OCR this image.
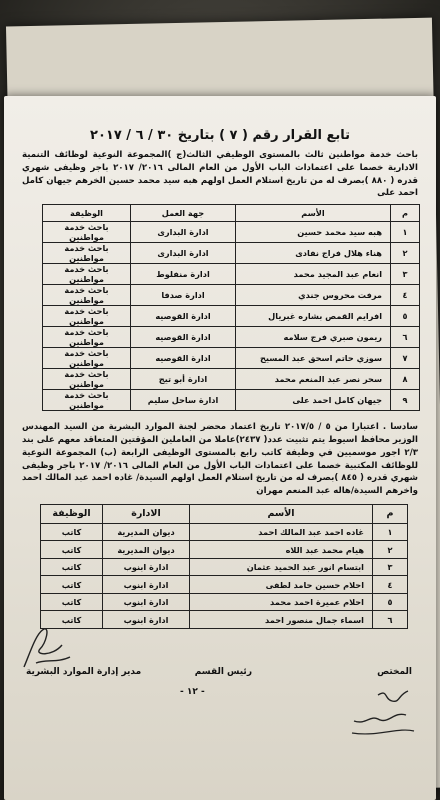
تابع القرار رقم ( ٧ ) بتاريخ ٣٠ / ٦ / ٢٠١٧
باحث خدمة مواطنين ثالث بالمستوى الوظيفي الثالث(ج )المجموعة النوعية لوظائف التنمية الادارية خصما على اعتمادات الباب الأول من العام المالى ٢٠١٦/ ٢٠١٧ باجر وظيفى شهري قدره ( ٨٨٠ )بصرف له من تاريخ استلام العمل اولهم هبه سيد محمد حسين الخرهم جيهان كامل احمد على
م	الأسم	جهة العمل	الوظيفة
١	هبه سيد محمد حسين	ادارة البدارى	باحث خدمة مواطنين
٢	هناء هلال فراج نفادى	ادارة البدارى	باحث خدمة مواطنين
٣	انعام عبد المجيد محمد	ادارة منفلوط	باحث خدمة مواطنين
٤	مرفت محروس جندي	ادارة صدفا	باحث خدمة مواطنين
٥	افرايم القمص بشاره غبريال	ادارة القوصيه	باحث خدمة مواطنين
٦	ريمون صبري فرج سلامه	ادارة القوصيه	باحث خدمة مواطنين
٧	سوزي حاتم اسحق عبد المسيح	ادارة القوصيه	باحث خدمة مواطنين
٨	سحر نصر عبد المنعم محمد	ادارة أبو تيج	باحث خدمة مواطنين
٩	جيهان كامل احمد على	ادارة ساحل سليم	باحث خدمة مواطنين
سادسا . اعتبارا من ٥ / ٢٠١٧/٥ تاريخ اعتماد محضر لجنة الموارد البشرية من السيد المهندس الوزير محافظ اسيوط يتم تثبيت عدد( ٢٤٣٧)عاملا من العاملين المؤقتين المتعاقد معهم على بند ٢/٣ اجور موسميين في وظيفة كاتب رابع بالمستوى الوظيفى الرابعة (ب) المجموعة النوعية للوظائف المكتبية خصما على اعتمادات الباب الأول من العام المالى ٢٠١٦/ ٢٠١٧ باجر وظيفى شهري قدره ( ٨٤٥ )بصرف له من تاريخ استلام العمل اولهم السيدة/ غاده احمد عبد المالك احمد واخرهم السيدة/هاله عبد المنعم مهران
م	الأسم	الادارة	الوظيفة
١	غاده احمد عبد المالك احمد	ديوان المديرية	كاتب
٢	هيام محمد عبد اللاه	ديوان المديرية	كاتب
٣	ابتسام انور عبد الحميد عثمان	ادارة ابنوب	كاتب
٤	احلام حسين حامد لطفى	ادارة ابنوب	كاتب
٥	احلام عميرة احمد محمد	ادارة ابنوب	كاتب
٦	اسماء جمال منصور احمد	ادارة ابنوب	كاتب
المختص
رئيس القسم
- ١٢ -
مدير إدارة الموارد البشرية
